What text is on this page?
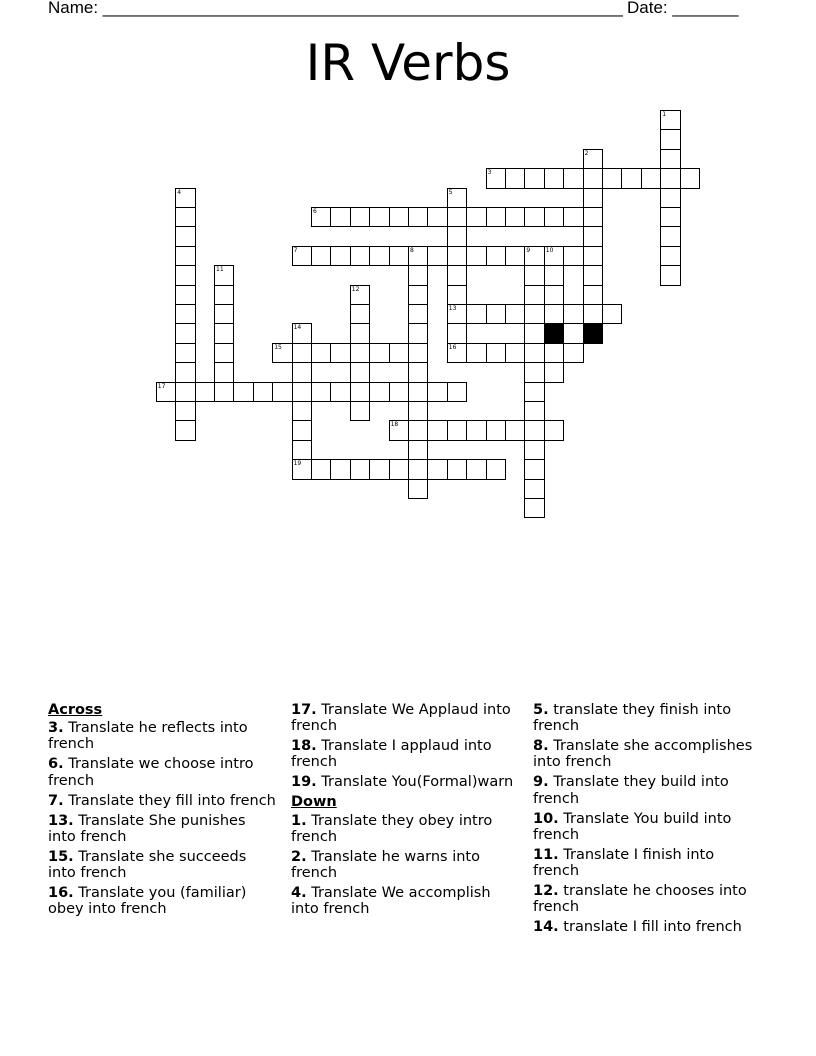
Name: _______________________________________________________ Date: _______
IR Verbs
1
2
3
4	5
13
16
6
7	8	9	10
11
12
14
15
17
18
19
Across
3. Translate he reflects into french
6. Translate we choose intro french
7. Translate they fill into french
13. Translate She punishes into french
15. Translate she succeeds into french
16. Translate you (familiar) obey into french
17. Translate We Applaud into french
18. Translate I applaud into french
19. Translate You(Formal)warn
Down
1. Translate they obey intro french
2. Translate he warns into french
4. Translate We accomplish into french
5. translate they finish into french
8. Translate she accomplishes into french
9. Translate they build into french
10. Translate You build into french
11. Translate I finish into french
12. translate he chooses into french
14. translate I fill into french
